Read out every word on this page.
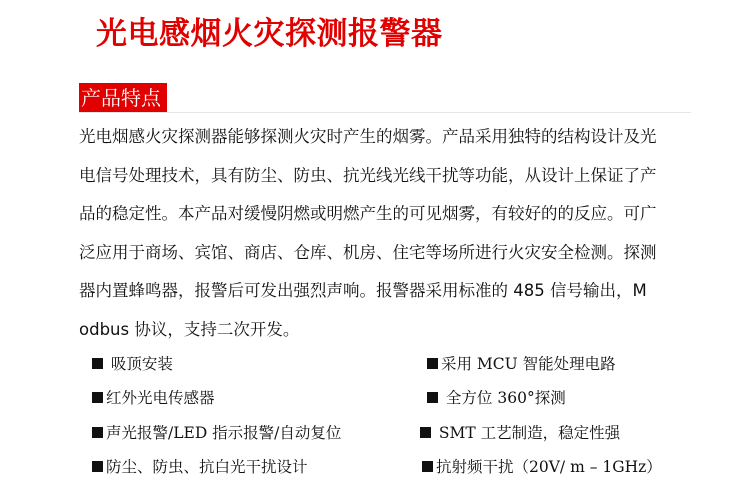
光电感烟火灾探测报警器
产品特点
光电烟感火灾探测器能够探测火灾时产生的烟雾。产品采用独特的结构设计及光
电信号处理技术，具有防尘、防虫、抗光线光线干扰等功能，从设计上保证了产
品的稳定性。本产品对缓慢阴燃或明燃产生的可见烟雾，有较好的的反应。可广
泛应用于商场、宾馆、商店、仓库、机房、住宅等场所进行火灾安全检测。探测
器内置蜂鸣器，报警后可发出强烈声响。报警器采用标准的 485 信号输出，M
odbus 协议，支持二次开发。
吸顶安装	采用 MCU 智能处理电路
红外光电传感器	全方位 360°探测
声光报警/LED 指示报警/自动复位	SMT 工艺制造，稳定性强
防尘、防虫、抗白光干扰设计	抗射频干扰（20V/ m – 1GHz）
